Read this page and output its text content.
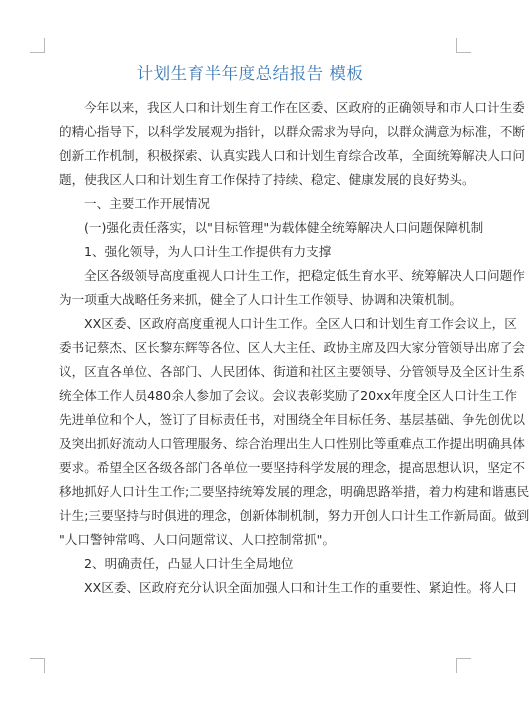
计划生育半年度总结报告 模板
今年以来，我区人口和计划生育工作在区委、区政府的正确领导和市人口计生委
的精心指导下，以科学发展观为指针，以群众需求为导向，以群众满意为标准，不断
创新工作机制，积极探索、认真实践人口和计划生育综合改革，全面统筹解决人口问
题，使我区人口和计划生育工作保持了持续、稳定、健康发展的良好势头。
一、主要工作开展情况
(一)强化责任落实，以"目标管理"为载体健全统筹解决人口问题保障机制
1、强化领导，为人口计生工作提供有力支撑
全区各级领导高度重视人口计生工作，把稳定低生育水平、统筹解决人口问题作
为一项重大战略任务来抓，健全了人口计生工作领导、协调和决策机制。
XX区委、区政府高度重视人口计生工作。全区人口和计划生育工作会议上，区
委书记蔡杰、区长黎东辉等各位、区人大主任、政协主席及四大家分管领导出席了会
议，区直各单位、各部门、人民团体、街道和社区主要领导、分管领导及全区计生系
统全体工作人员480余人参加了会议。会议表彰奖励了20xx年度全区人口计生工作
先进单位和个人，签订了目标责任书，对围绕全年目标任务、基层基础、争先创优以
及突出抓好流动人口管理服务、综合治理出生人口性别比等重难点工作提出明确具体
要求。希望全区各级各部门各单位一要坚持科学发展的理念，提高思想认识，坚定不
移地抓好人口计生工作;二要坚持统筹发展的理念，明确思路举措，着力构建和谐惠民
计生;三要坚持与时俱进的理念，创新体制机制，努力开创人口计生工作新局面。做到
"人口警钟常鸣、人口问题常议、人口控制常抓"。
2、明确责任，凸显人口计生全局地位
XX区委、区政府充分认识全面加强人口和计生工作的重要性、紧迫性。将人口
